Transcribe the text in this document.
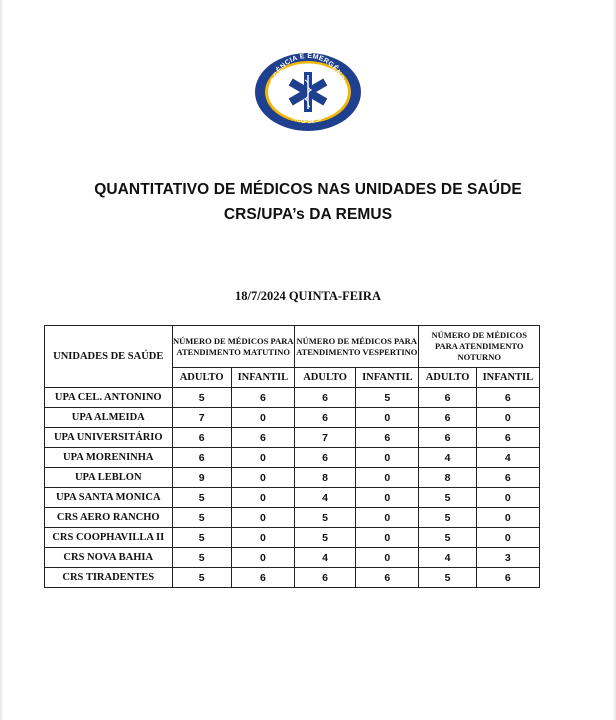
URGÊNCIA E EMERGÊNCIA
PMCG-SESAU
QUANTITATIVO DE MÉDICOS NAS UNIDADES DE SAÚDE
CRS/UPA’s DA REMUS
18/7/2024 QUINTA-FEIRA
UNIDADES DE SAÚDE	NÚMERO DE MÉDICOS PARA ATENDIMENTO MATUTINO		NÚMERO DE MÉDICOS PARA ATENDIMENTO VESPERTINO		NÚMERO DE MÉDICOS PARA ATENDIMENTO NOTURNO	
	ADULTO	INFANTIL	ADULTO	INFANTIL	ADULTO	INFANTIL
UPA CEL. ANTONINO	5	6	6	5	6	6
UPA ALMEIDA	7	0	6	0	6	0
UPA UNIVERSITÁRIO	6	6	7	6	6	6
UPA MORENINHA	6	0	6	0	4	4
UPA LEBLON	9	0	8	0	8	6
UPA SANTA MONICA	5	0	4	0	5	0
CRS AERO RANCHO	5	0	5	0	5	0
CRS COOPHAVILLA II	5	0	5	0	5	0
CRS NOVA BAHIA	5	0	4	0	4	3
CRS TIRADENTES	5	6	6	6	5	6
